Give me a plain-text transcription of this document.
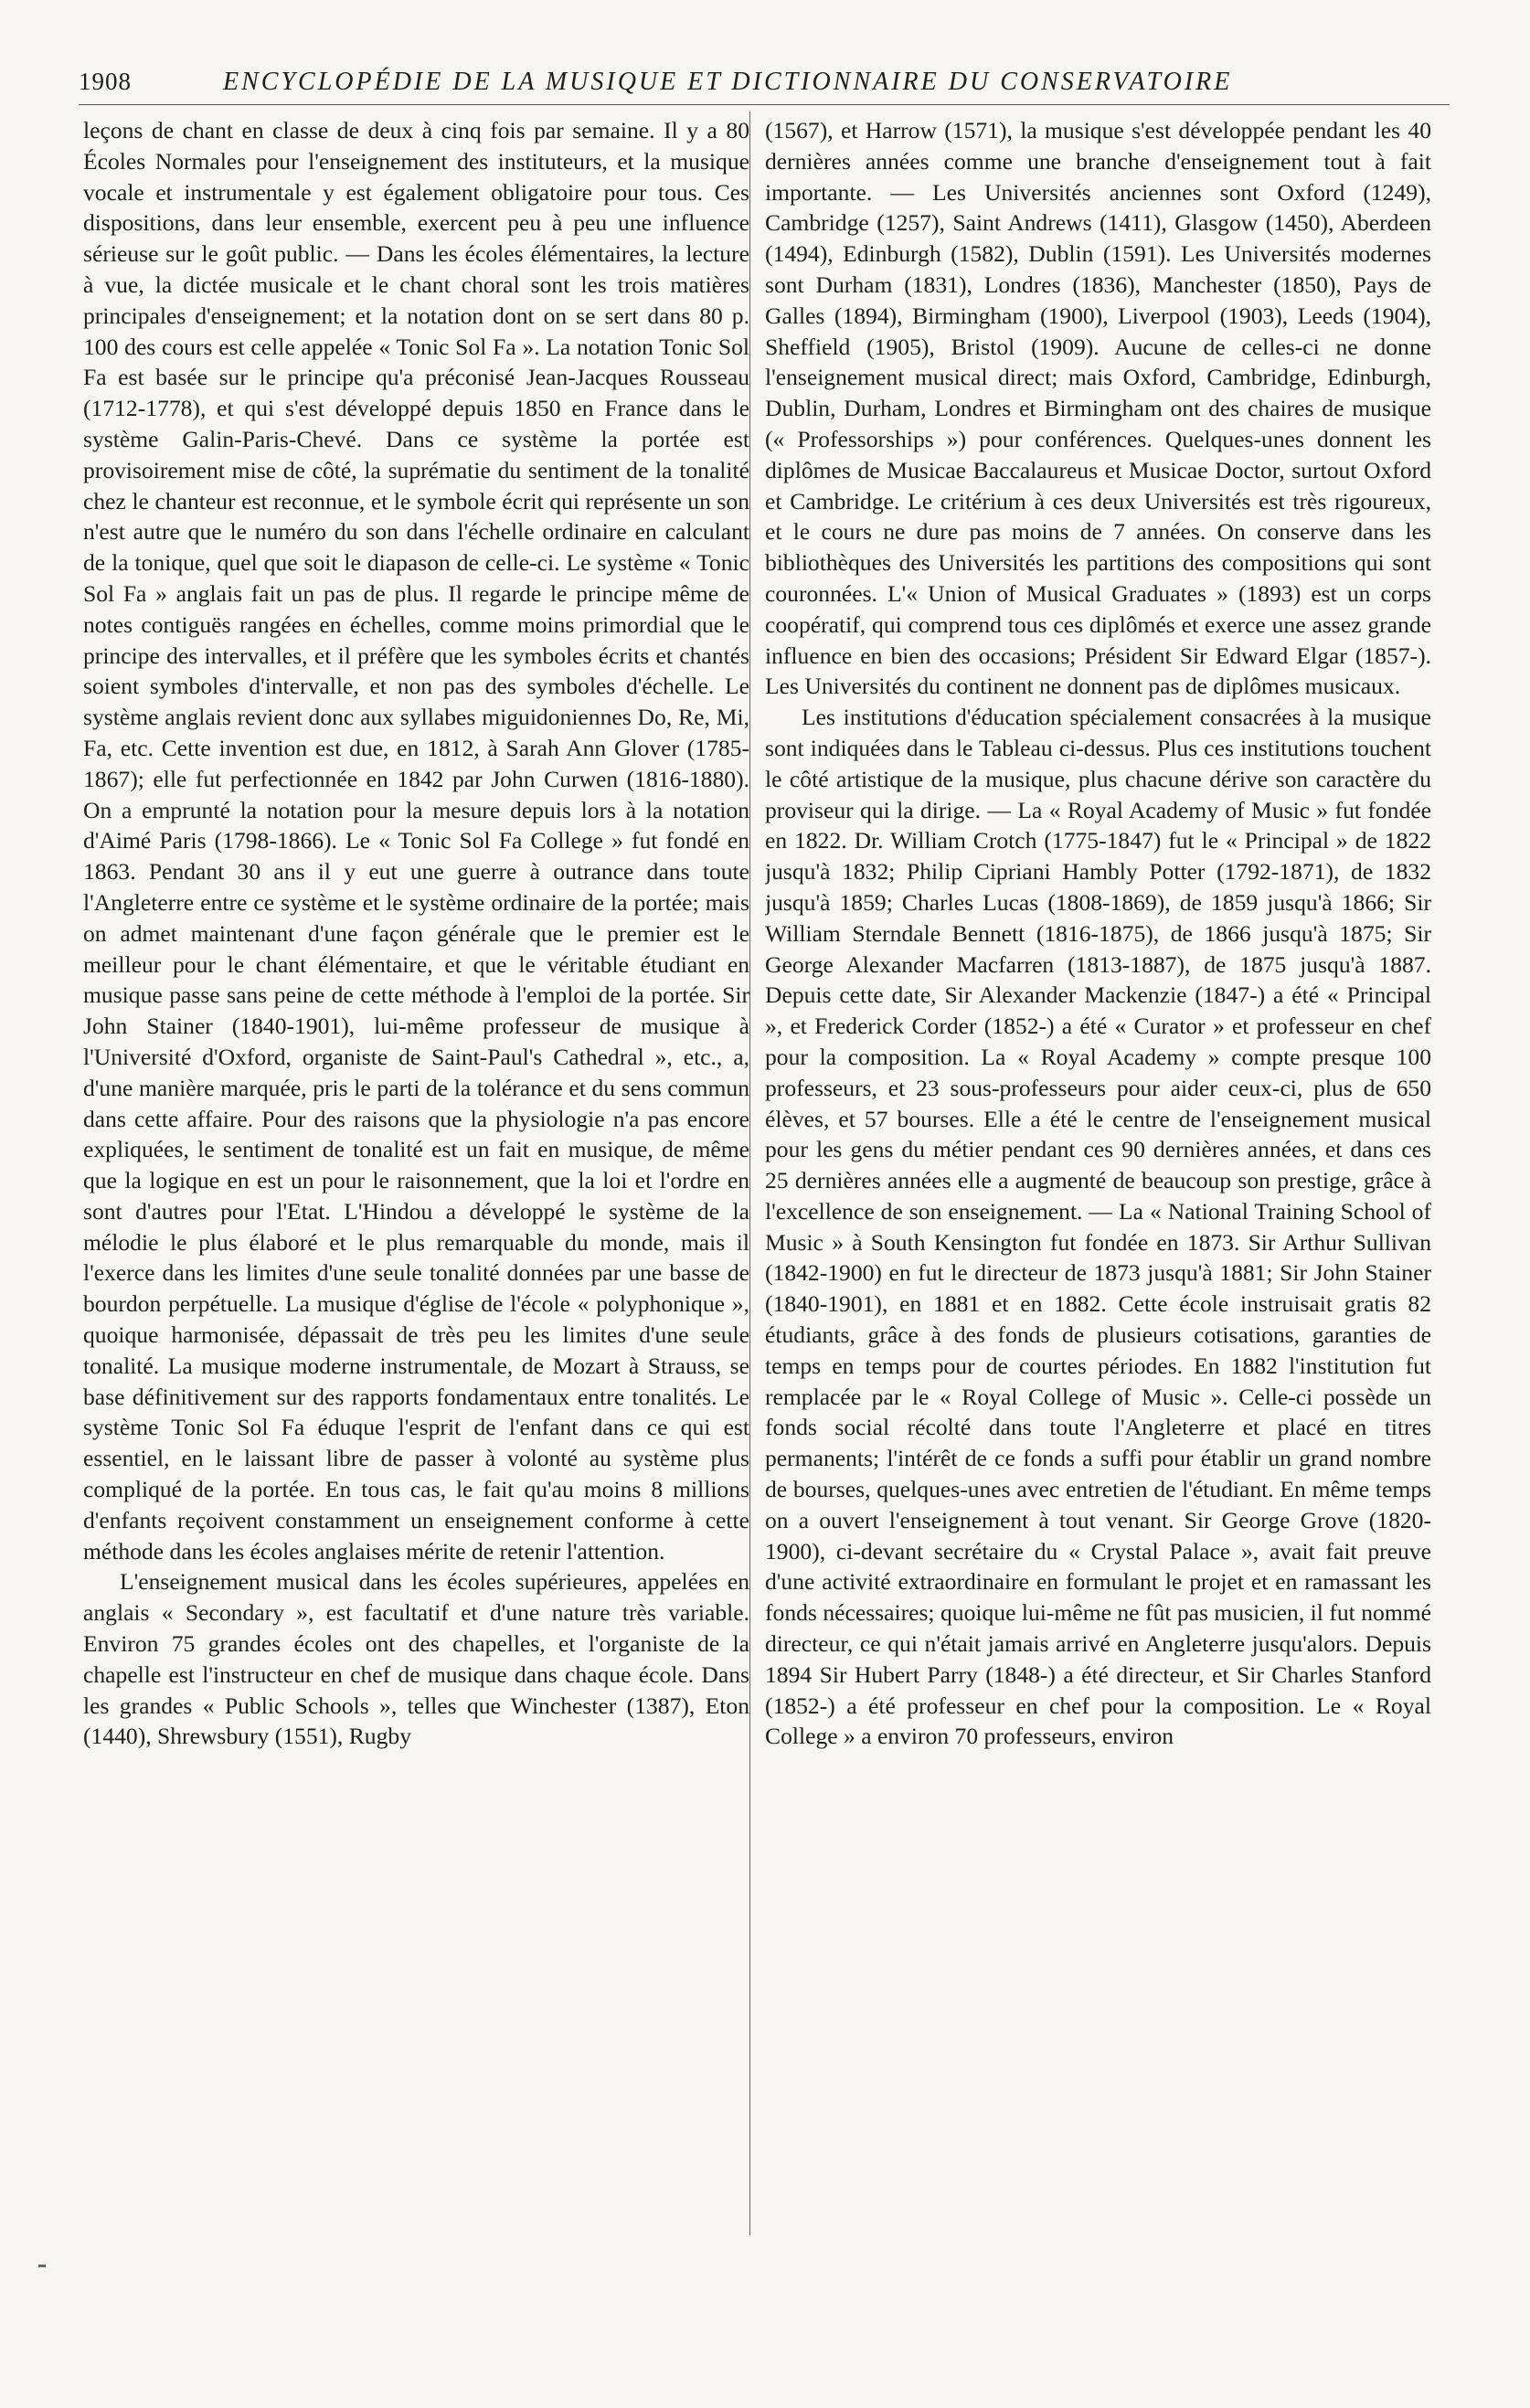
1908	ENCYCLOPÉDIE DE LA MUSIQUE ET DICTIONNAIRE DU CONSERVATOIRE

leçons de chant en classe de deux à cinq fois par semaine. Il y a 80 Écoles Normales pour l'enseignement des instituteurs, et la musique vocale et instrumentale y est également obligatoire pour tous. Ces dispositions, dans leur ensemble, exercent peu à peu une influence sérieuse sur le goût public. — Dans les écoles élémentaires, la lecture à vue, la dictée musicale et le chant choral sont les trois matières principales d'enseignement; et la notation dont on se sert dans 80 p. 100 des cours est celle appelée « Tonic Sol Fa ». La notation Tonic Sol Fa est basée sur le principe qu'a préconisé Jean-Jacques Rousseau (1712-1778), et qui s'est développé depuis 1850 en France dans le système Galin-Paris-Chevé. Dans ce système la portée est provisoirement mise de côté, la suprématie du sentiment de la tonalité chez le chanteur est reconnue, et le symbole écrit qui représente un son n'est autre que le numéro du son dans l'échelle ordinaire en calculant de la tonique, quel que soit le diapason de celle-ci. Le système « Tonic Sol Fa » anglais fait un pas de plus. Il regarde le principe même de notes contiguës rangées en échelles, comme moins primordial que le principe des intervalles, et il préfère que les symboles écrits et chantés soient symboles d'intervalle, et non pas des symboles d'échelle. Le système anglais revient donc aux syllabes miguidoniennes Do, Re, Mi, Fa, etc. Cette invention est due, en 1812, à Sarah Ann Glover (1785-1867); elle fut perfectionnée en 1842 par John Curwen (1816-1880). On a emprunté la notation pour la mesure depuis lors à la notation d'Aimé Paris (1798-1866). Le « Tonic Sol Fa College » fut fondé en 1863. Pendant 30 ans il y eut une guerre à outrance dans toute l'Angleterre entre ce système et le système ordinaire de la portée; mais on admet maintenant d'une façon générale que le premier est le meilleur pour le chant élémentaire, et que le véritable étudiant en musique passe sans peine de cette méthode à l'emploi de la portée. Sir John Stainer (1840-1901), lui-même professeur de musique à l'Université d'Oxford, organiste de Saint-Paul's Cathedral », etc., a, d'une manière marquée, pris le parti de la tolérance et du sens commun dans cette affaire. Pour des raisons que la physiologie n'a pas encore expliquées, le sentiment de tonalité est un fait en musique, de même que la logique en est un pour le raisonnement, que la loi et l'ordre en sont d'autres pour l'Etat. L'Hindou a développé le système de la mélodie le plus élaboré et le plus remarquable du monde, mais il l'exerce dans les limites d'une seule tonalité données par une basse de bourdon perpétuelle. La musique d'église de l'école « polyphonique », quoique harmonisée, dépassait de très peu les limites d'une seule tonalité. La musique moderne instrumentale, de Mozart à Strauss, se base définitivement sur des rapports fondamentaux entre tonalités. Le système Tonic Sol Fa éduque l'esprit de l'enfant dans ce qui est essentiel, en le laissant libre de passer à volonté au système plus compliqué de la portée. En tous cas, le fait qu'au moins 8 millions d'enfants reçoivent constamment un enseignement conforme à cette méthode dans les écoles anglaises mérite de retenir l'attention.

L'enseignement musical dans les écoles supérieures, appelées en anglais « Secondary », est facultatif et d'une nature très variable. Environ 75 grandes écoles ont des chapelles, et l'organiste de la chapelle est l'instructeur en chef de musique dans chaque école. Dans les grandes « Public Schools », telles que Winchester (1387), Eton (1440), Shrewsbury (1551), Rugby

(1567), et Harrow (1571), la musique s'est développée pendant les 40 dernières années comme une branche d'enseignement tout à fait importante. — Les Universités anciennes sont Oxford (1249), Cambridge (1257), Saint Andrews (1411), Glasgow (1450), Aberdeen (1494), Edinburgh (1582), Dublin (1591). Les Universités modernes sont Durham (1831), Londres (1836), Manchester (1850), Pays de Galles (1894), Birmingham (1900), Liverpool (1903), Leeds (1904), Sheffield (1905), Bristol (1909). Aucune de celles-ci ne donne l'enseignement musical direct; mais Oxford, Cambridge, Edinburgh, Dublin, Durham, Londres et Birmingham ont des chaires de musique (« Professorships ») pour conférences. Quelques-unes donnent les diplômes de Musicae Baccalaureus et Musicae Doctor, surtout Oxford et Cambridge. Le critérium à ces deux Universités est très rigoureux, et le cours ne dure pas moins de 7 années. On conserve dans les bibliothèques des Universités les partitions des compositions qui sont couronnées. L'« Union of Musical Graduates » (1893) est un corps coopératif, qui comprend tous ces diplômés et exerce une assez grande influence en bien des occasions; Président Sir Edward Elgar (1857-). Les Universités du continent ne donnent pas de diplômes musicaux.

Les institutions d'éducation spécialement consacrées à la musique sont indiquées dans le Tableau ci-dessus. Plus ces institutions touchent le côté artistique de la musique, plus chacune dérive son caractère du proviseur qui la dirige. — La « Royal Academy of Music » fut fondée en 1822. Dr. William Crotch (1775-1847) fut le « Principal » de 1822 jusqu'à 1832; Philip Cipriani Hambly Potter (1792-1871), de 1832 jusqu'à 1859; Charles Lucas (1808-1869), de 1859 jusqu'à 1866; Sir William Sterndale Bennett (1816-1875), de 1866 jusqu'à 1875; Sir George Alexander Macfarren (1813-1887), de 1875 jusqu'à 1887. Depuis cette date, Sir Alexander Mackenzie (1847-) a été « Principal », et Frederick Corder (1852-) a été « Curator » et professeur en chef pour la composition. La « Royal Academy » compte presque 100 professeurs, et 23 sous-professeurs pour aider ceux-ci, plus de 650 élèves, et 57 bourses. Elle a été le centre de l'enseignement musical pour les gens du métier pendant ces 90 dernières années, et dans ces 25 dernières années elle a augmenté de beaucoup son prestige, grâce à l'excellence de son enseignement. — La « National Training School of Music » à South Kensington fut fondée en 1873. Sir Arthur Sullivan (1842-1900) en fut le directeur de 1873 jusqu'à 1881; Sir John Stainer (1840-1901), en 1881 et en 1882. Cette école instruisait gratis 82 étudiants, grâce à des fonds de plusieurs cotisations, garanties de temps en temps pour de courtes périodes. En 1882 l'institution fut remplacée par le « Royal College of Music ». Celle-ci possède un fonds social récolté dans toute l'Angleterre et placé en titres permanents; l'intérêt de ce fonds a suffi pour établir un grand nombre de bourses, quelques-unes avec entretien de l'étudiant. En même temps on a ouvert l'enseignement à tout venant. Sir George Grove (1820-1900), ci-devant secrétaire du « Crystal Palace », avait fait preuve d'une activité extraordinaire en formulant le projet et en ramassant les fonds nécessaires; quoique lui-même ne fût pas musicien, il fut nommé directeur, ce qui n'était jamais arrivé en Angleterre jusqu'alors. Depuis 1894 Sir Hubert Parry (1848-) a été directeur, et Sir Charles Stanford (1852-) a été professeur en chef pour la composition. Le « Royal College » a environ 70 professeurs, environ
